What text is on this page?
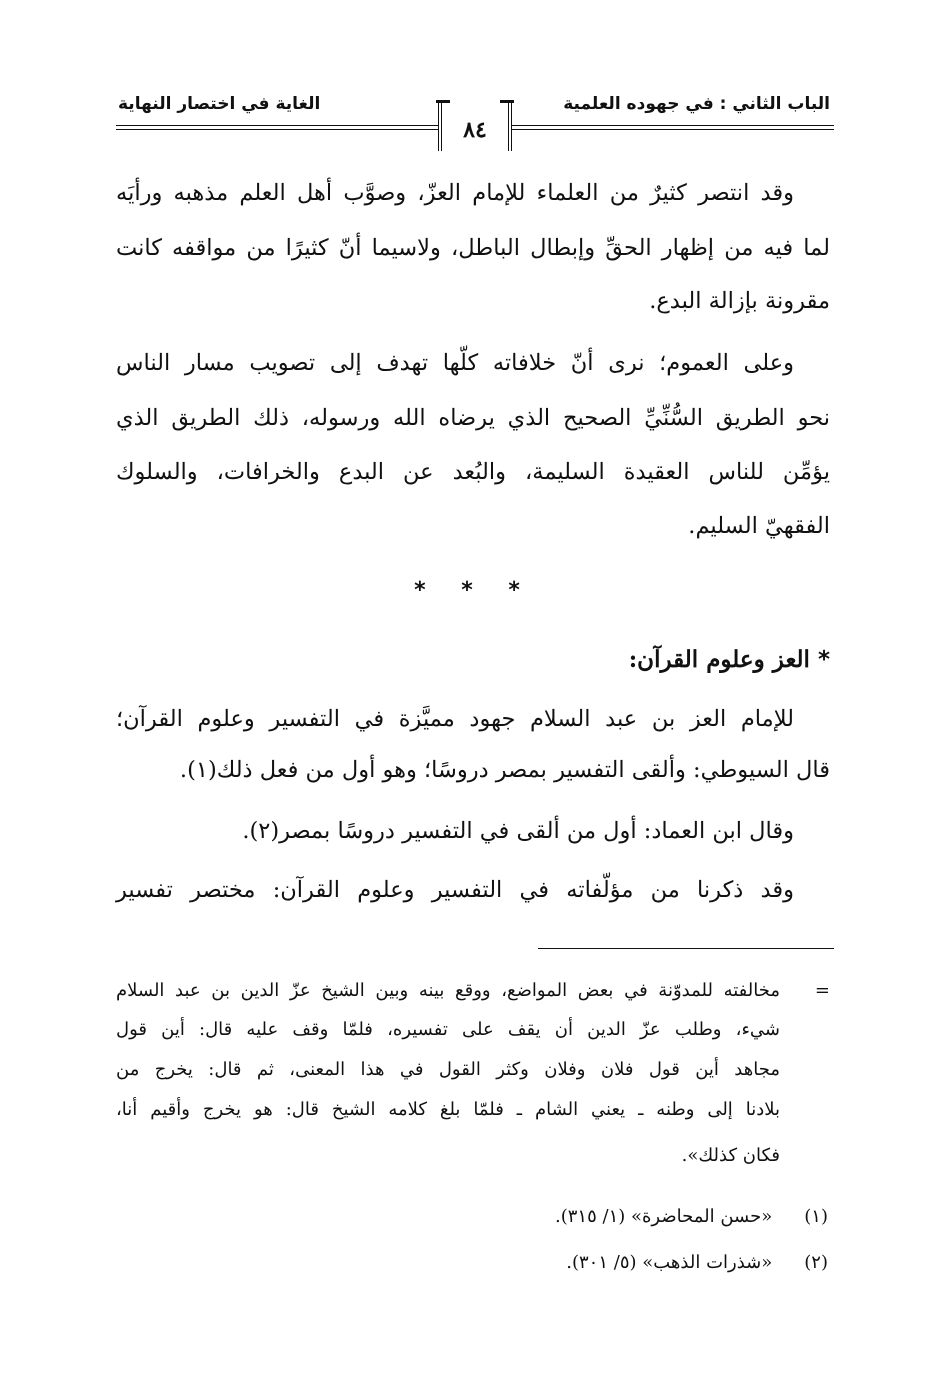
الباب الثاني : في جهوده العلمية
الغاية في اختصار النهاية
٨٤
وقد انتصر كثيرٌ من العلماء للإمام العزّ، وصوَّب أهل العلم مذهبه ورأيَه
لما فيه من إظهار الحقِّ وإبطال الباطل، ولاسيما أنّ كثيرًا من مواقفه كانت
مقرونة بإزالة البدع.
وعلى العموم؛ نرى أنّ خلافاته كلّها تهدف إلى تصويب مسار الناس
نحو الطريق السُّنِّيِّ الصحيح الذي يرضاه الله ورسوله، ذلك الطريق الذي
يؤمِّن للناس العقيدة السليمة، والبُعد عن البدع والخرافات، والسلوك
الفقهيّ السليم.
* * *
* العز وعلوم القرآن:
للإمام العز بن عبد السلام جهود مميَّزة في التفسير وعلوم القرآن؛
قال السيوطي: وألقى التفسير بمصر دروسًا؛ وهو أول من فعل ذلك(١).
وقال ابن العماد: أول من ألقى في التفسير دروسًا بمصر(٢).
وقد ذكرنا من مؤلّفاته في التفسير وعلوم القرآن: مختصر تفسير
=
مخالفته للمدوّنة في بعض المواضع، ووقع بينه وبين الشيخ عزّ الدين بن عبد السلام
شيء، وطلب عزّ الدين أن يقف على تفسيره، فلمّا وقف عليه قال: أين قول
مجاهد أين قول فلان وفلان وكثر القول في هذا المعنى، ثم قال: يخرج من
بلادنا إلى وطنه ـ يعني الشام ـ فلمّا بلغ كلامه الشيخ قال: هو يخرج وأقيم أنا،
فكان كذلك».
(١) «حسن المحاضرة» (١/ ٣١٥).
(٢) «شذرات الذهب» (٥/ ٣٠١).
